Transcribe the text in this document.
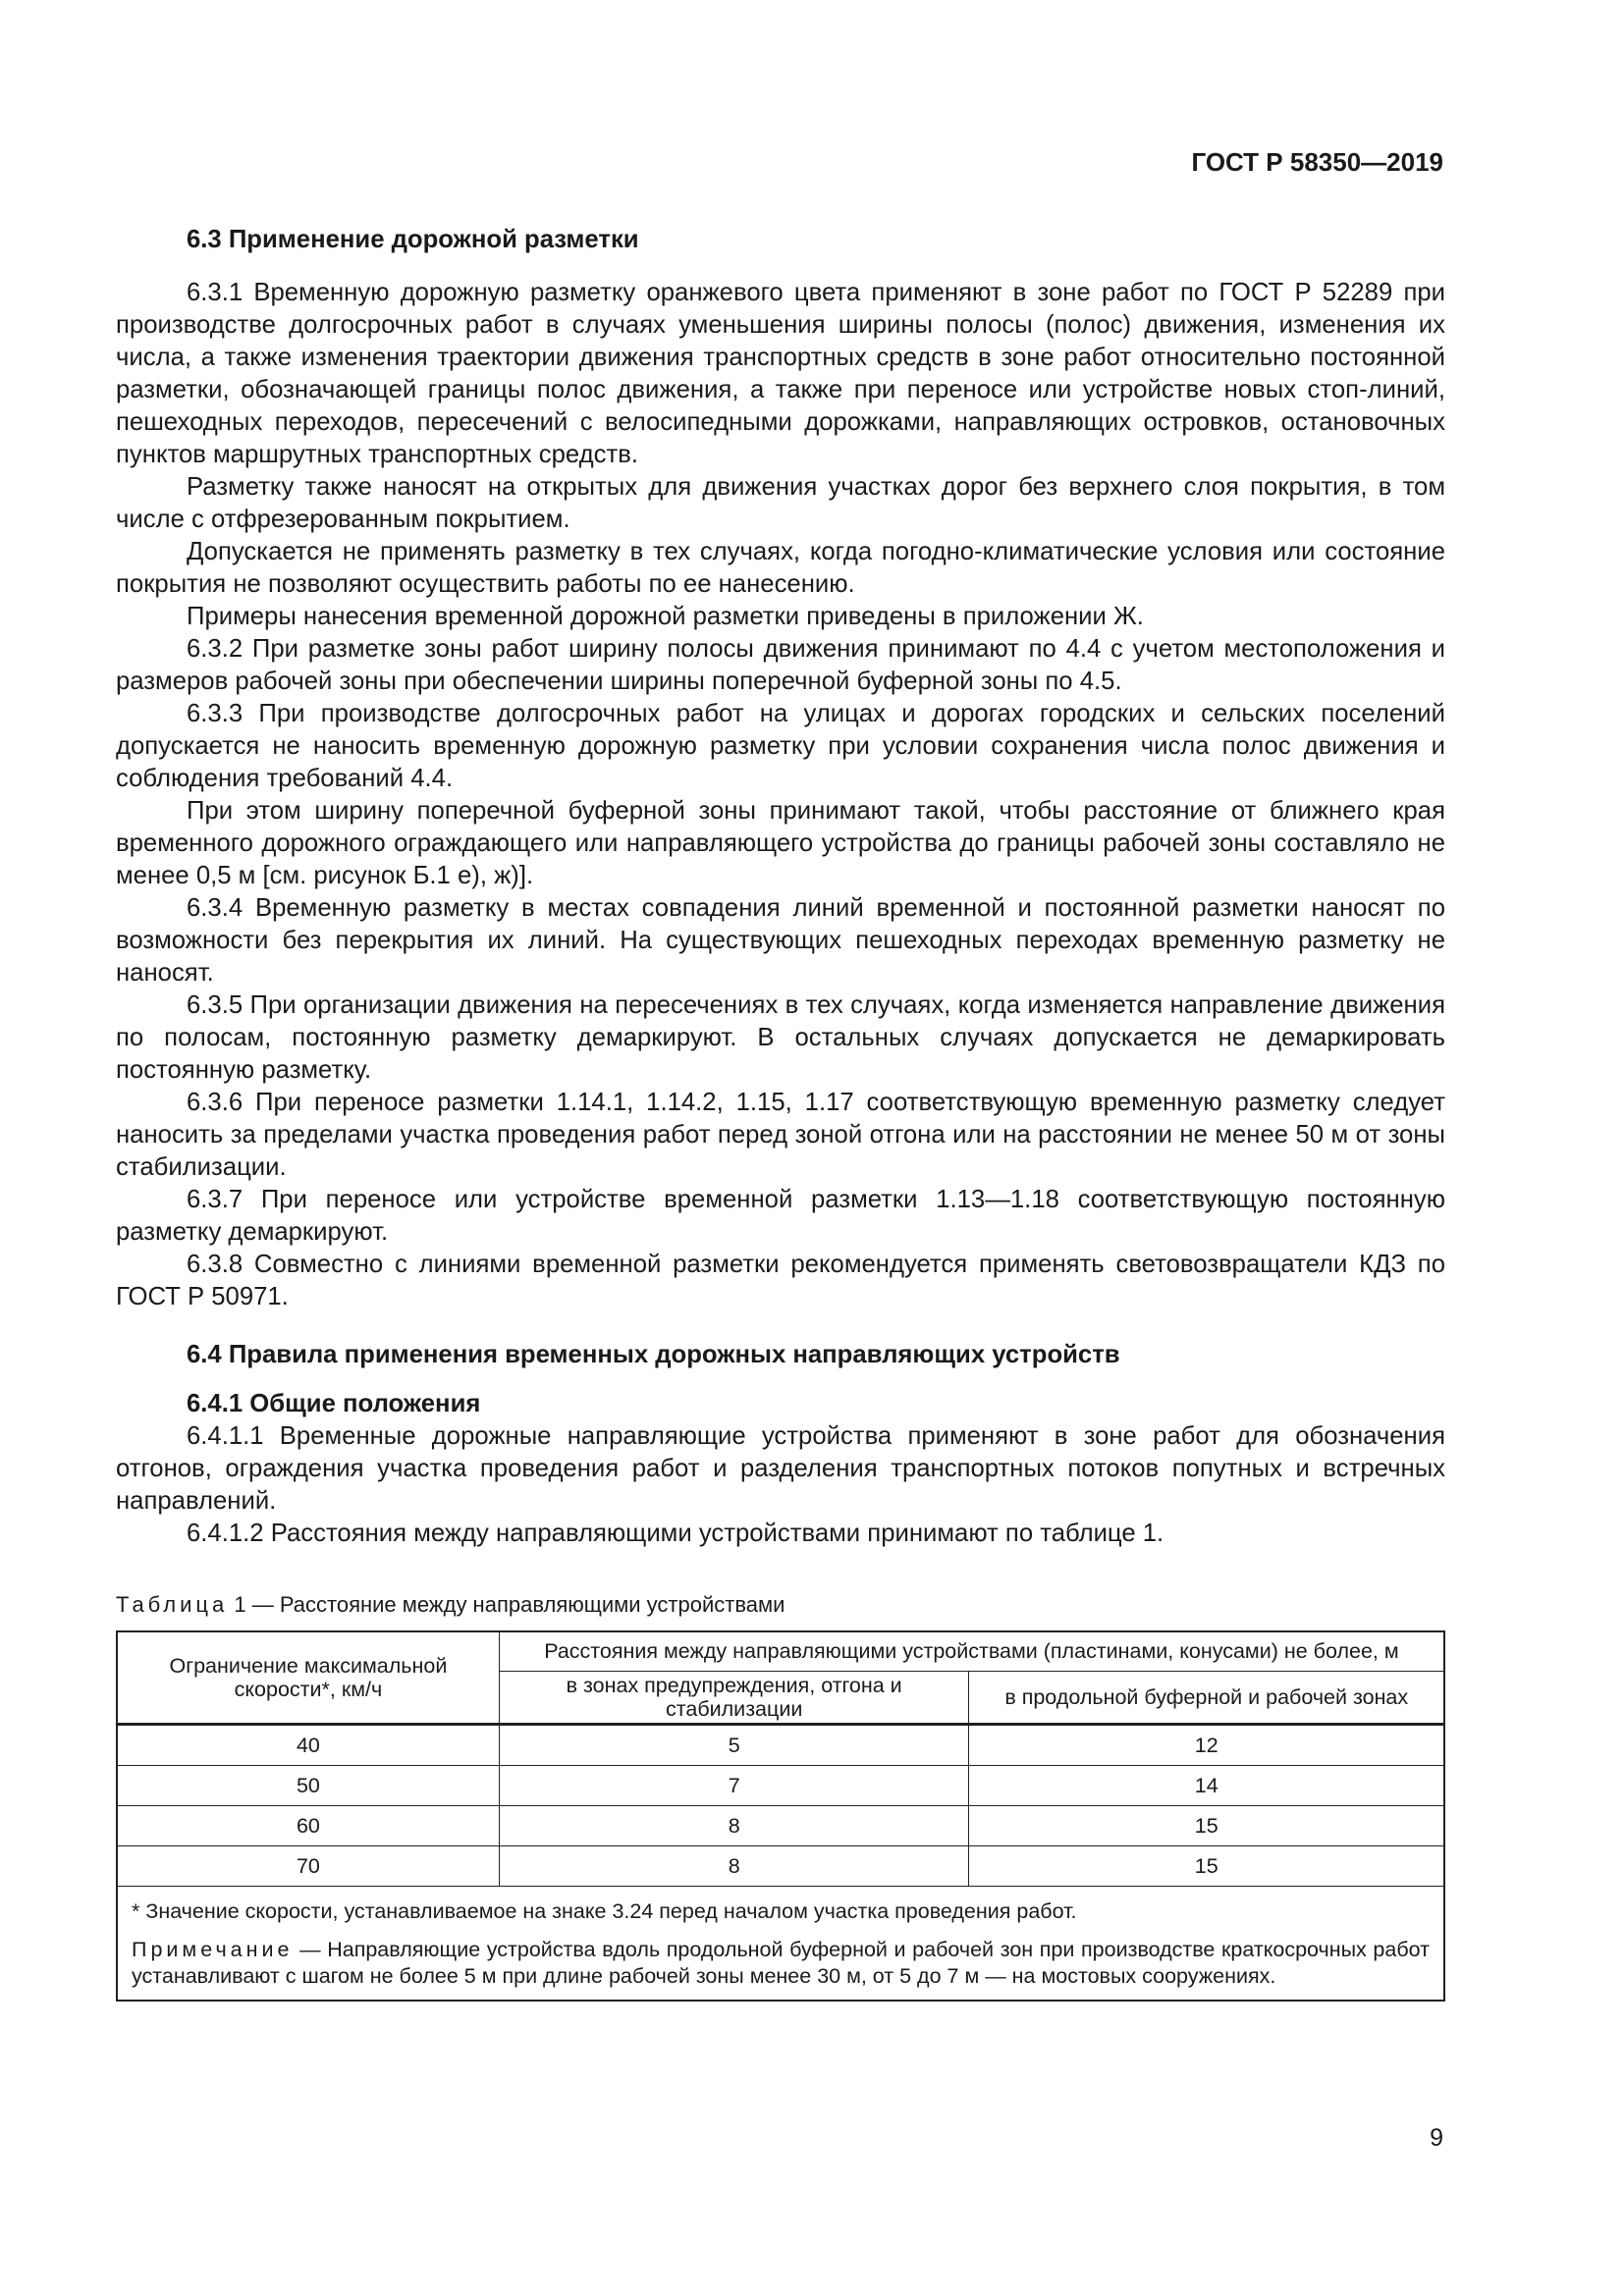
ГОСТ Р 58350—2019

6.3 Применение дорожной разметки

6.3.1 Временную дорожную разметку оранжевого цвета применяют в зоне работ по ГОСТ Р 52289 при производстве долгосрочных работ в случаях уменьшения ширины полосы (полос) движения, изменения их числа, а также изменения траектории движения транспортных средств в зоне работ относительно постоянной разметки, обозначающей границы полос движения, а также при переносе или устройстве новых стоп-линий, пешеходных переходов, пересечений с велосипедными дорожками, направляющих островков, остановочных пунктов маршрутных транспортных средств.

Разметку также наносят на открытых для движения участках дорог без верхнего слоя покрытия, в том числе с отфрезерованным покрытием.

Допускается не применять разметку в тех случаях, когда погодно-климатические условия или состояние покрытия не позволяют осуществить работы по ее нанесению.

Примеры нанесения временной дорожной разметки приведены в приложении Ж.

6.3.2 При разметке зоны работ ширину полосы движения принимают по 4.4 с учетом местоположения и размеров рабочей зоны при обеспечении ширины поперечной буферной зоны по 4.5.

6.3.3 При производстве долгосрочных работ на улицах и дорогах городских и сельских поселений допускается не наносить временную дорожную разметку при условии сохранения числа полос движения и соблюдения требований 4.4.

При этом ширину поперечной буферной зоны принимают такой, чтобы расстояние от ближнего края временного дорожного ограждающего или направляющего устройства до границы рабочей зоны составляло не менее 0,5 м [см. рисунок Б.1 е), ж)].

6.3.4 Временную разметку в местах совпадения линий временной и постоянной разметки наносят по возможности без перекрытия их линий. На существующих пешеходных переходах временную разметку не наносят.

6.3.5 При организации движения на пересечениях в тех случаях, когда изменяется направление движения по полосам, постоянную разметку демаркируют. В остальных случаях допускается не демаркировать постоянную разметку.

6.3.6 При переносе разметки 1.14.1, 1.14.2, 1.15, 1.17 соответствующую временную разметку следует наносить за пределами участка проведения работ перед зоной отгона или на расстоянии не менее 50 м от зоны стабилизации.

6.3.7 При переносе или устройстве временной разметки 1.13—1.18 соответствующую постоянную разметку демаркируют.

6.3.8 Совместно с линиями временной разметки рекомендуется применять световозвращатели КДЗ по ГОСТ Р 50971.

6.4 Правила применения временных дорожных направляющих устройств

6.4.1 Общие положения

6.4.1.1 Временные дорожные направляющие устройства применяют в зоне работ для обозначения отгонов, ограждения участка проведения работ и разделения транспортных потоков попутных и встречных направлений.

6.4.1.2 Расстояния между направляющими устройствами принимают по таблице 1.

Таблица 1 — Расстояние между направляющими устройствами

Ограничение максимальной скорости*, км/ч	Расстояния между направляющими устройствами (пластинами, конусами) не более, м	
	в зонах предупреждения, отгона и стабилизации	в продольной буферной и рабочей зонах
40	5	12
50	7	14
60	8	15
70	8	15

* Значение скорости, устанавливаемое на знаке 3.24 перед началом участка проведения работ.

Примечание — Направляющие устройства вдоль продольной буферной и рабочей зон при производстве краткосрочных работ устанавливают с шагом не более 5 м при длине рабочей зоны менее 30 м, от 5 до 7 м — на мостовых сооружениях.		

9
